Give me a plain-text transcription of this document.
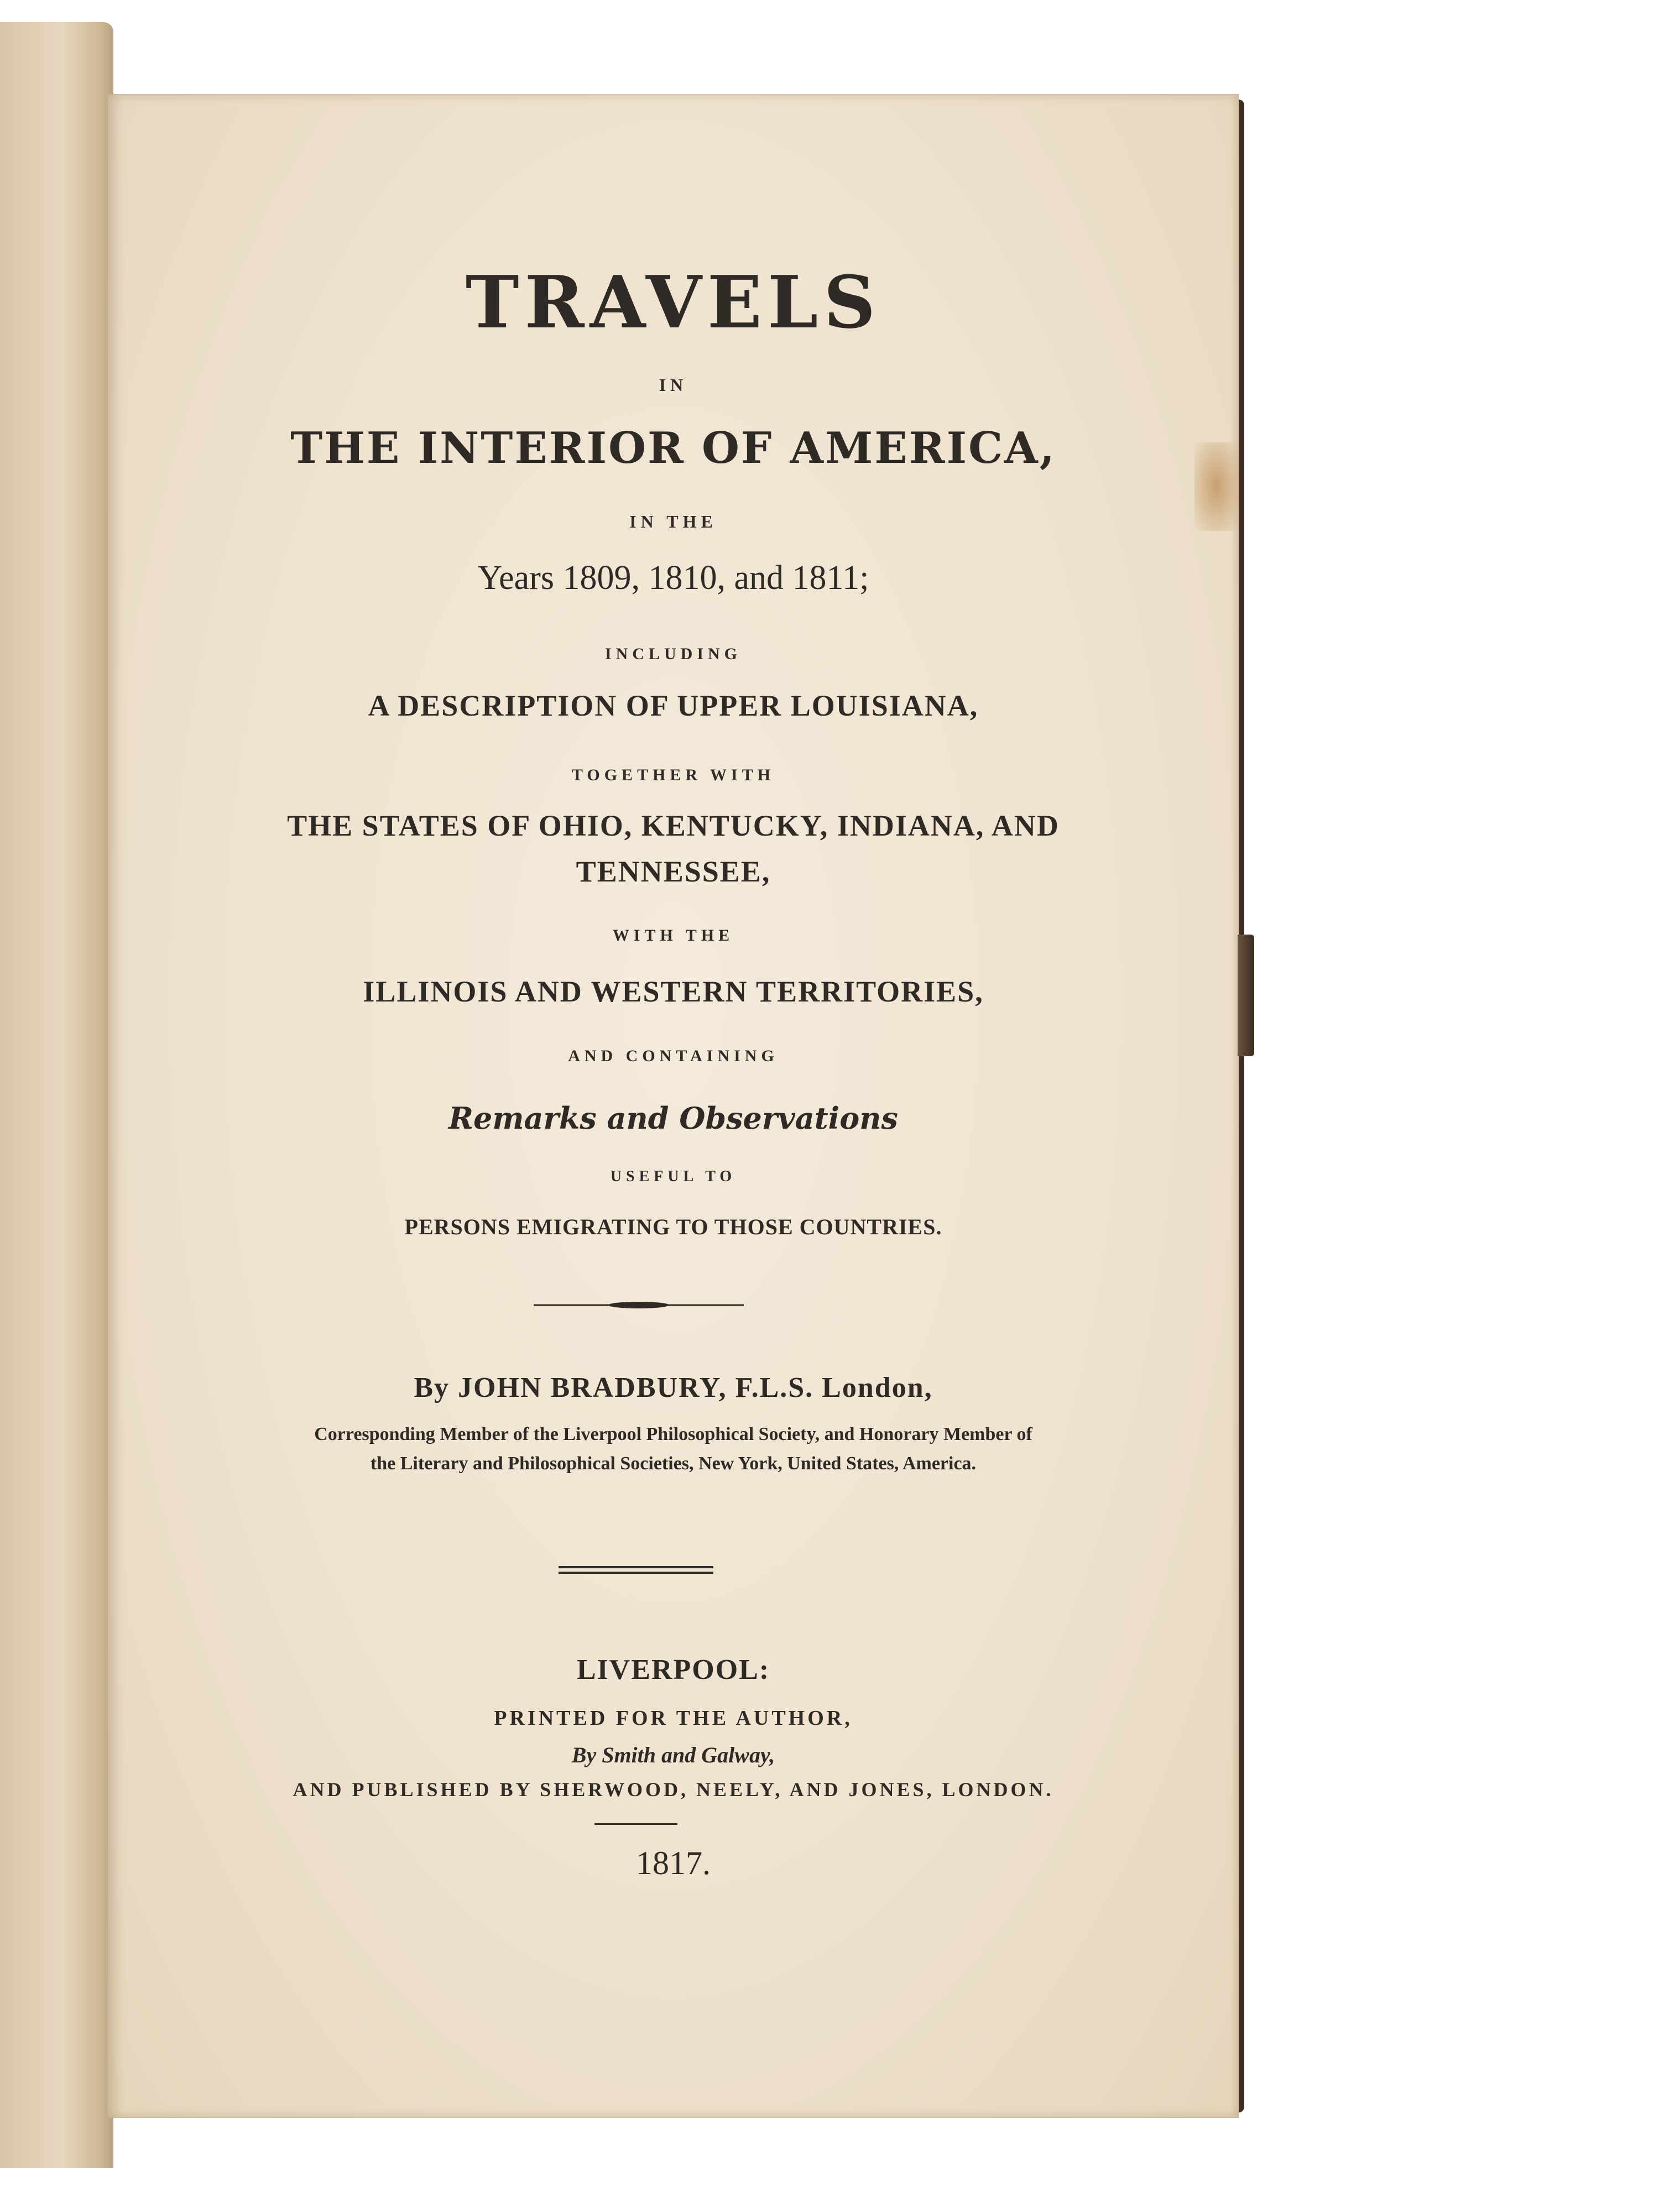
TRAVELS

IN

THE INTERIOR OF AMERICA,

IN THE

Years 1809, 1810, and 1811;

INCLUDING

A DESCRIPTION OF UPPER LOUISIANA,

TOGETHER WITH

THE STATES OF OHIO, KENTUCKY, INDIANA, AND

TENNESSEE,

WITH THE

ILLINOIS AND WESTERN TERRITORIES,

AND CONTAINING

Remarks and Observations

USEFUL TO

PERSONS EMIGRATING TO THOSE COUNTRIES.

By JOHN BRADBURY, F.L.S. London,

Corresponding Member of the Liverpool Philosophical Society, and Honorary Member of

the Literary and Philosophical Societies, New York, United States, America.

LIVERPOOL:

PRINTED FOR THE AUTHOR,

By Smith and Galway,

AND PUBLISHED BY SHERWOOD, NEELY, AND JONES, LONDON.

1817.
